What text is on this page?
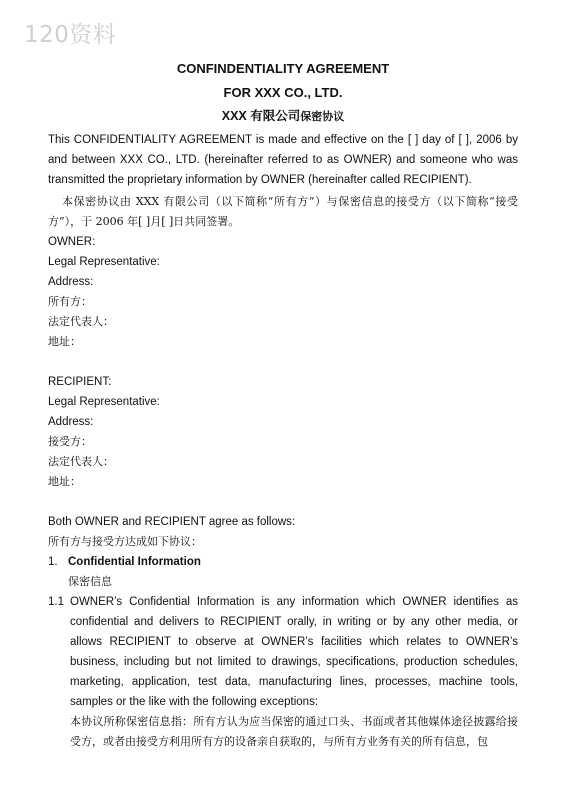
120资料

CONFINDENTIALITY AGREEMENT

FOR XXX CO., LTD.

XXX 有限公司保密协议

This CONFIDENTIALITY AGREEMENT is made and effective on the [ ] day of [ ], 2006 by and between XXX CO., LTD. (hereinafter referred to as OWNER) and someone who was transmitted the proprietary information by OWNER (hereinafter called RECIPIENT).

本保密协议由 XXX 有限公司（以下简称“所有方”）与保密信息的接受方（以下简称“接受方”），于 2006 年[ ]月[ ]日共同签署。

OWNER:

Legal Representative:

Address:

所有方：

法定代表人：

地址：

RECIPIENT:

Legal Representative:

Address:

接受方：

法定代表人：

地址：

Both OWNER and RECIPIENT agree as follows:

所有方与接受方达成如下协议：

1. Confidential Information

保密信息

1.1 OWNER’s Confidential Information is any information which OWNER identifies as confidential and delivers to RECIPIENT orally, in writing or by any other media, or allows RECIPIENT to observe at OWNER’s facilities which relates to OWNER’s business, including but not limited to drawings, specifications, production schedules, marketing, application, test data, manufacturing lines, processes, machine tools, samples or the like with the following exceptions:

本协议所称保密信息指：所有方认为应当保密的通过口头、书面或者其他媒体途径披露给接受方，或者由接受方利用所有方的设备亲自获取的，与所有方业务有关的所有信息，包
